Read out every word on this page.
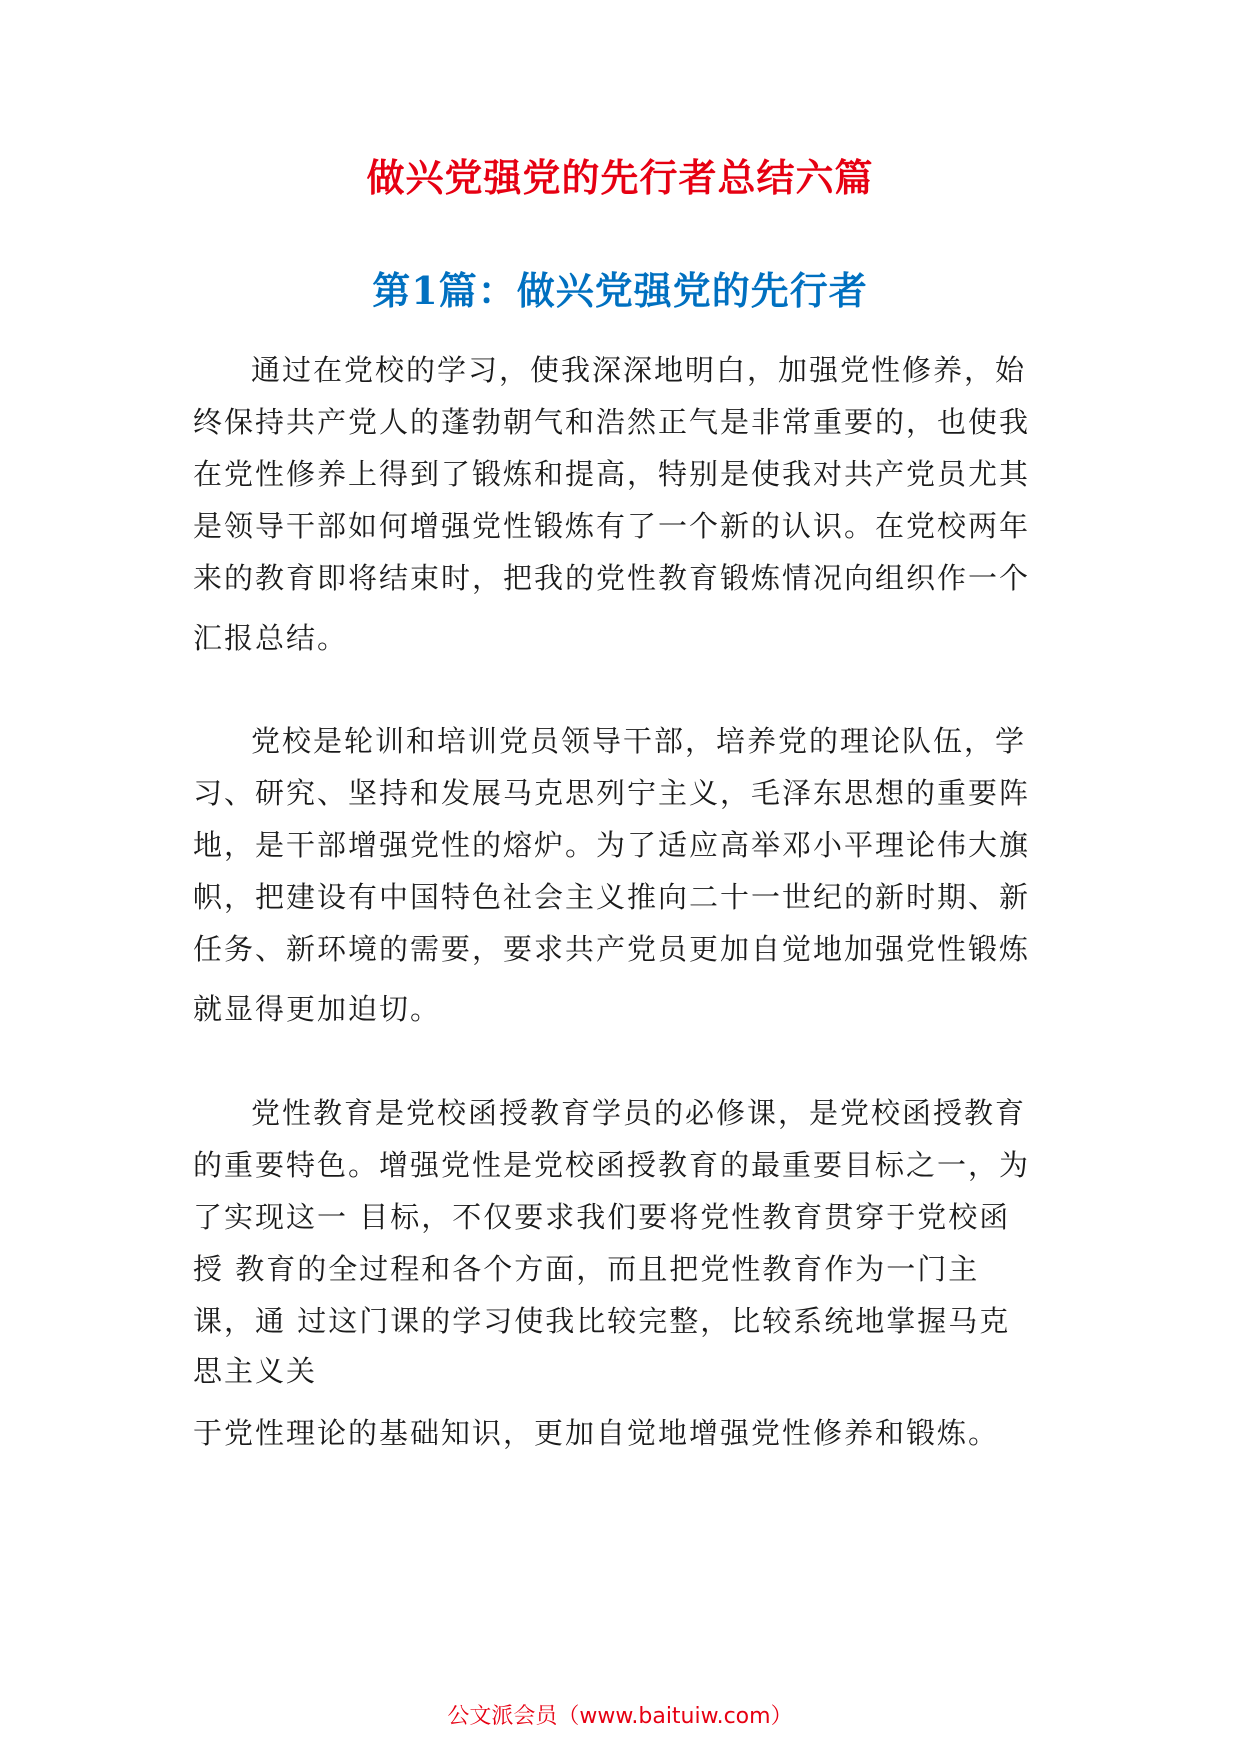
做兴党强党的先行者总结六篇
第1篇：做兴党强党的先行者
通过在党校的学习，使我深深地明白，加强党性修养，始
终保持共产党人的蓬勃朝气和浩然正气是非常重要的，也使我
在党性修养上得到了锻炼和提高，特别是使我对共产党员尤其
是领导干部如何增强党性锻炼有了一个新的认识。在党校两年
来的教育即将结束时，把我的党性教育锻炼情况向组织作一个
汇报总结。
党校是轮训和培训党员领导干部，培养党的理论队伍，学
习、研究、坚持和发展马克思列宁主义，毛泽东思想的重要阵
地，是干部增强党性的熔炉。为了适应高举邓小平理论伟大旗
帜，把建设有中国特色社会主义推向二十一世纪的新时期、新
任务、新环境的需要，要求共产党员更加自觉地加强党性锻炼
就显得更加迫切。
党性教育是党校函授教育学员的必修课，是党校函授教育
的重要特色。增强党性是党校函授教育的最重要目标之一，为
了实现这一 目标，不仅要求我们要将党性教育贯穿于党校函
授 教育的全过程和各个方面，而且把党性教育作为一门主
课，通 过这门课的学习使我比较完整，比较系统地掌握马克
思主义关
于党性理论的基础知识，更加自觉地增强党性修养和锻炼。
公文派会员（www.baituiw.com）
